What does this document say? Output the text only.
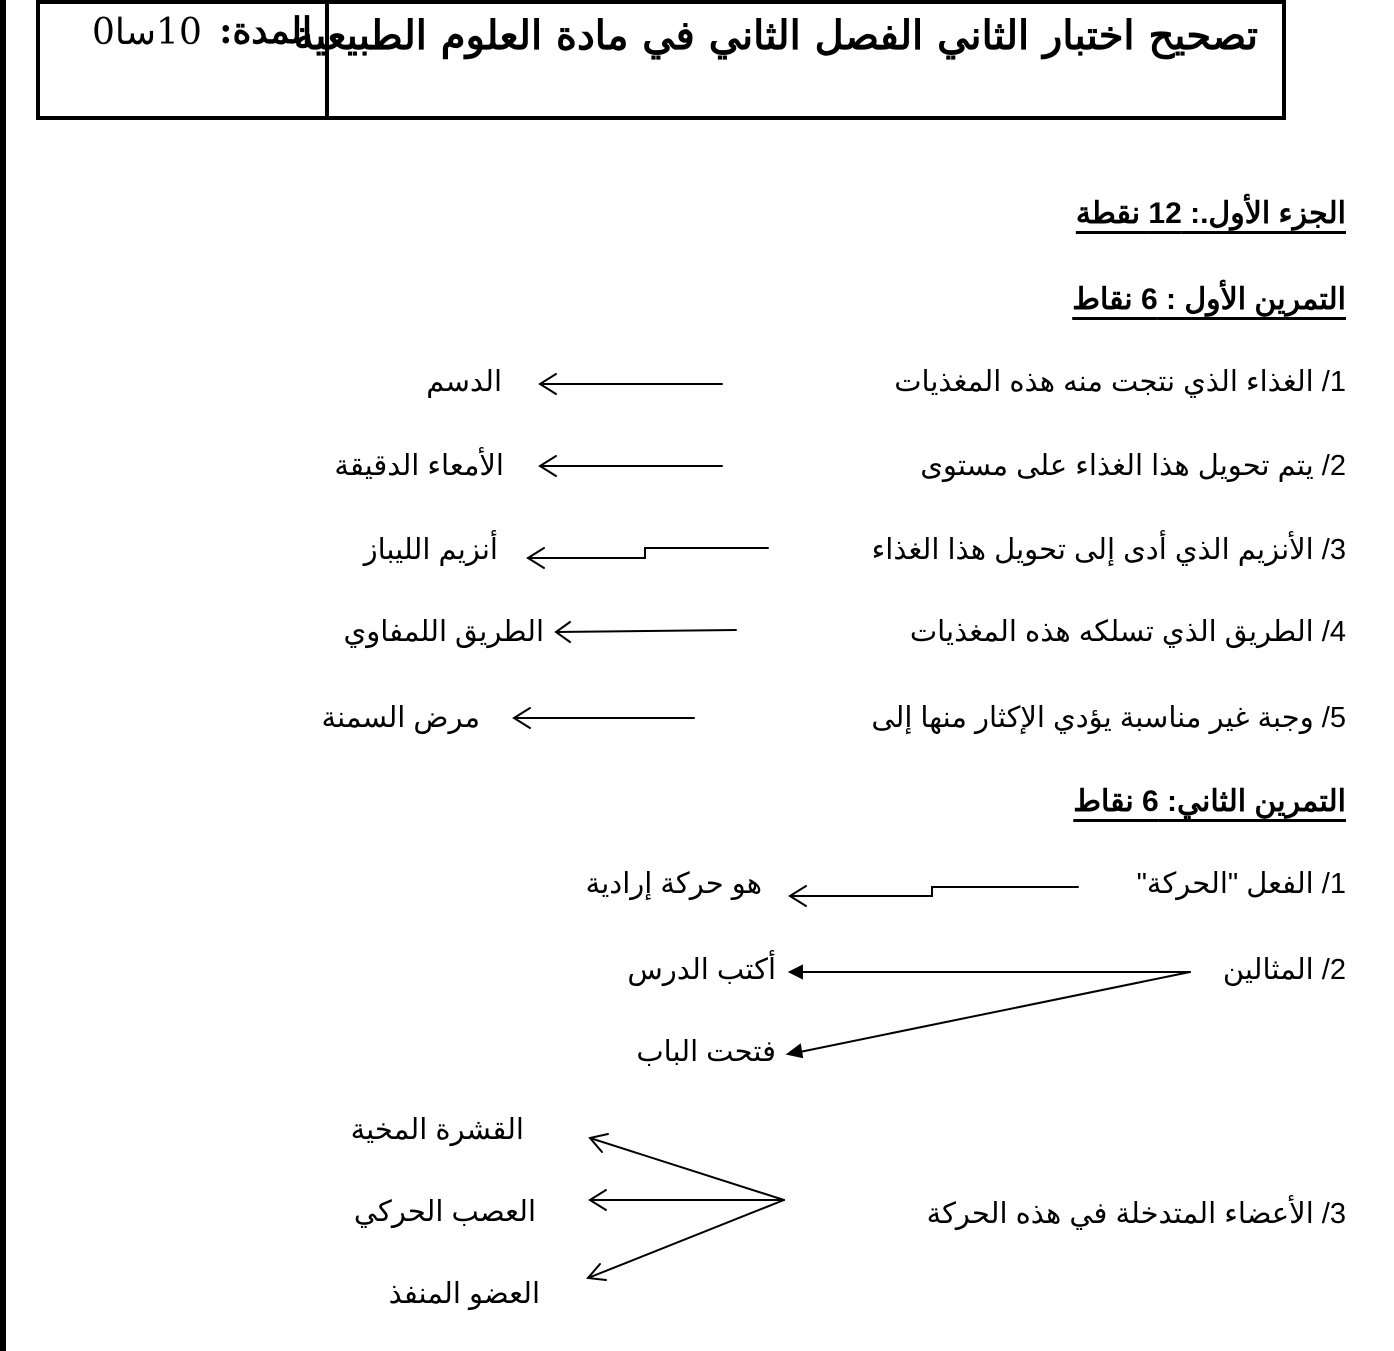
تصحيح اختبار الثاني الفصل الثاني في مادة العلوم الطبيعية
المدة:
01سا0
الجزء الأول.: 12 نقطة
التمرين الأول : 6 نقاط
1/ الغذاء الذي نتجت منه هذه المغذيات
الدسم
2/ يتم تحويل هذا الغذاء على مستوى
الأمعاء الدقيقة
3/ الأنزيم الذي أدى إلى تحويل هذا الغذاء
أنزيم الليباز
4/ الطريق الذي تسلكه هذه المغذيات
الطريق اللمفاوي
5/ وجبة غير مناسبة يؤدي الإكثار منها إلى
مرض السمنة
التمرين الثاني: 6 نقاط
1/ الفعل "الحركة"
هو حركة إرادية
2/ المثالين
أكتب الدرس
فتحت الباب
3/ الأعضاء المتدخلة في هذه الحركة
القشرة المخية
العصب الحركي
العضو المنفذ
